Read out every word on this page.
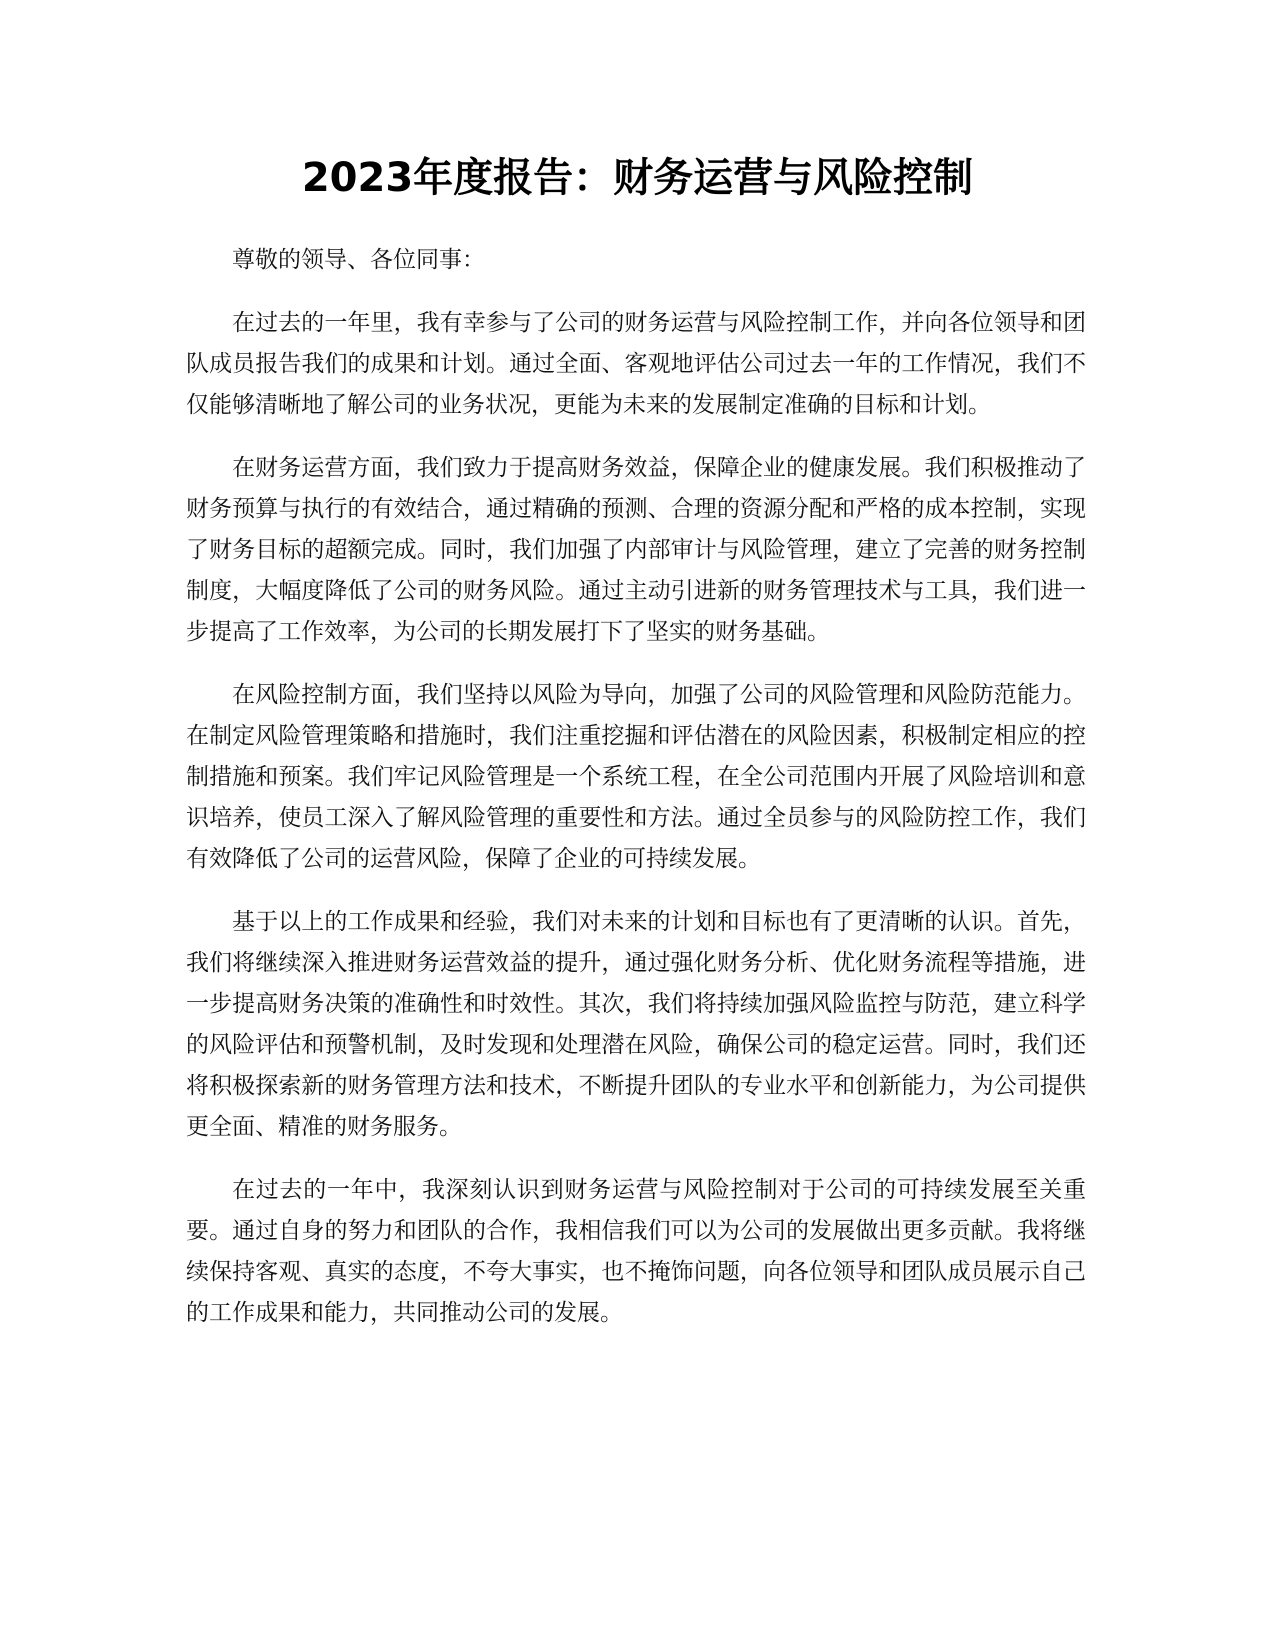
2023年度报告：财务运营与风险控制

尊敬的领导、各位同事：

在过去的一年里，我有幸参与了公司的财务运营与风险控制工作，并向各位领导和团队成员报告我们的成果和计划。通过全面、客观地评估公司过去一年的工作情况，我们不仅能够清晰地了解公司的业务状况，更能为未来的发展制定准确的目标和计划。

在财务运营方面，我们致力于提高财务效益，保障企业的健康发展。我们积极推动了财务预算与执行的有效结合，通过精确的预测、合理的资源分配和严格的成本控制，实现了财务目标的超额完成。同时，我们加强了内部审计与风险管理，建立了完善的财务控制制度，大幅度降低了公司的财务风险。通过主动引进新的财务管理技术与工具，我们进一步提高了工作效率，为公司的长期发展打下了坚实的财务基础。

在风险控制方面，我们坚持以风险为导向，加强了公司的风险管理和风险防范能力。在制定风险管理策略和措施时，我们注重挖掘和评估潜在的风险因素，积极制定相应的控制措施和预案。我们牢记风险管理是一个系统工程，在全公司范围内开展了风险培训和意识培养，使员工深入了解风险管理的重要性和方法。通过全员参与的风险防控工作，我们有效降低了公司的运营风险，保障了企业的可持续发展。

基于以上的工作成果和经验，我们对未来的计划和目标也有了更清晰的认识。首先，我们将继续深入推进财务运营效益的提升，通过强化财务分析、优化财务流程等措施，进一步提高财务决策的准确性和时效性。其次，我们将持续加强风险监控与防范，建立科学的风险评估和预警机制，及时发现和处理潜在风险，确保公司的稳定运营。同时，我们还将积极探索新的财务管理方法和技术，不断提升团队的专业水平和创新能力，为公司提供更全面、精准的财务服务。

在过去的一年中，我深刻认识到财务运营与风险控制对于公司的可持续发展至关重要。通过自身的努力和团队的合作，我相信我们可以为公司的发展做出更多贡献。我将继续保持客观、真实的态度，不夸大事实，也不掩饰问题，向各位领导和团队成员展示自己的工作成果和能力，共同推动公司的发展。
